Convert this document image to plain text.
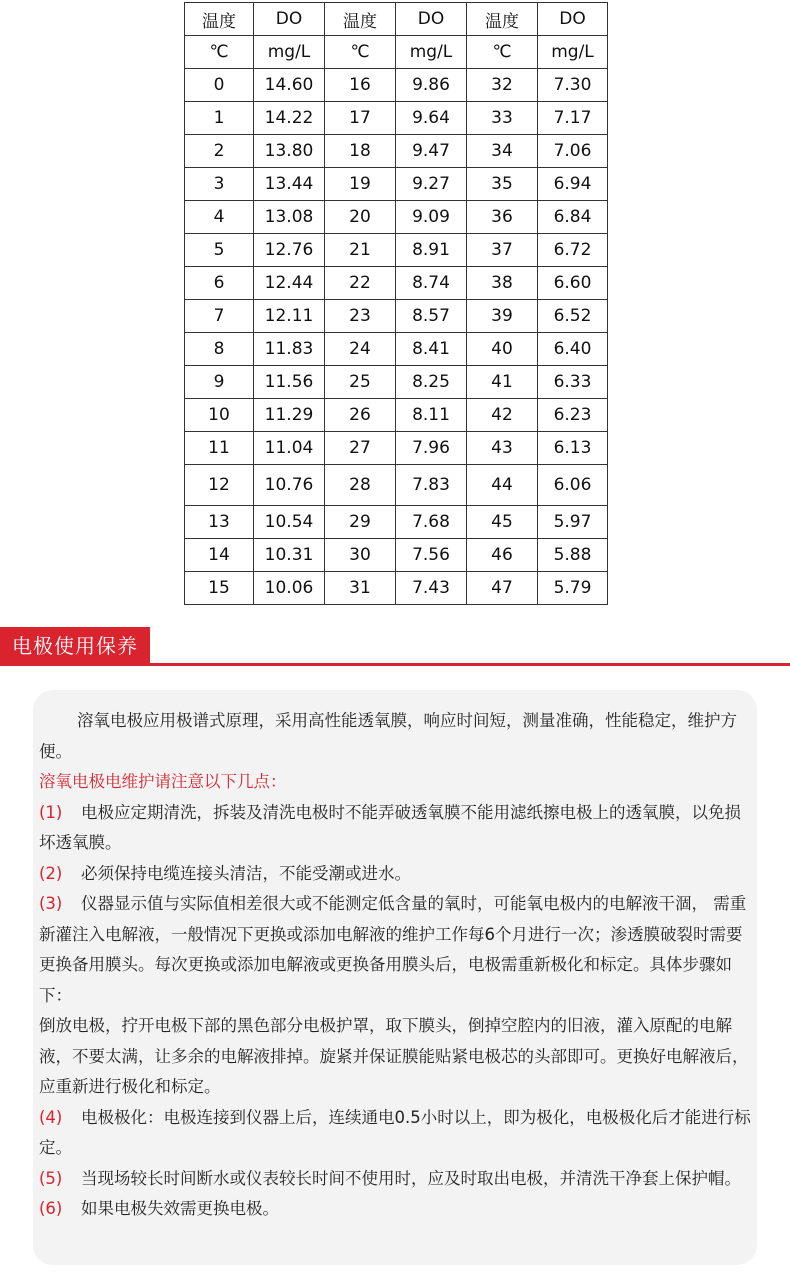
温度	DO	温度	DO	温度	DO
℃	mg/L	℃	mg/L	℃	mg/L
0	14.60	16	9.86	32	7.30
1	14.22	17	9.64	33	7.17
2	13.80	18	9.47	34	7.06
3	13.44	19	9.27	35	6.94
4	13.08	20	9.09	36	6.84
5	12.76	21	8.91	37	6.72
6	12.44	22	8.74	38	6.60
7	12.11	23	8.57	39	6.52
8	11.83	24	8.41	40	6.40
9	11.56	25	8.25	41	6.33
10	11.29	26	8.11	42	6.23
11	11.04	27	7.96	43	6.13
12	10.76	28	7.83	44	6.06
13	10.54	29	7.68	45	5.97
14	10.31	30	7.56	46	5.88
15	10.06	31	7.43	47	5.79
电极使用保养

溶氧电极应用极谱式原理，采用高性能透氧膜，响应时间短，测量准确，性能稳定，维护方便。

溶氧电极电维护请注意以下几点：

(1) 电极应定期清洗，拆装及清洗电极时不能弄破透氧膜不能用滤纸擦电极上的透氧膜，以免损坏透氧膜。

(2) 必须保持电缆连接头清洁，不能受潮或进水。

(3) 仪器显示值与实际值相差很大或不能测定低含量的氧时，可能氧电极内的电解液干涸， 需重新灌注入电解液，一般情况下更换或添加电解液的维护工作每6个月进行一次；渗透膜破裂时需要更换备用膜头。每次更换或添加电解液或更换备用膜头后，电极需重新极化和标定。具体步骤如下：

倒放电极，拧开电极下部的黑色部分电极护罩，取下膜头，倒掉空腔内的旧液，灌入原配的电解液，不要太满，让多余的电解液排掉。旋紧并保证膜能贴紧电极芯的头部即可。更换好电解液后，应重新进行极化和标定。

(4) 电极极化：电极连接到仪器上后，连续通电0.5小时以上，即为极化，电极极化后才能进行标定。

(5) 当现场较长时间断水或仪表较长时间不使用时，应及时取出电极，并清洗干净套上保护帽。

(6) 如果电极失效需更换电极。
